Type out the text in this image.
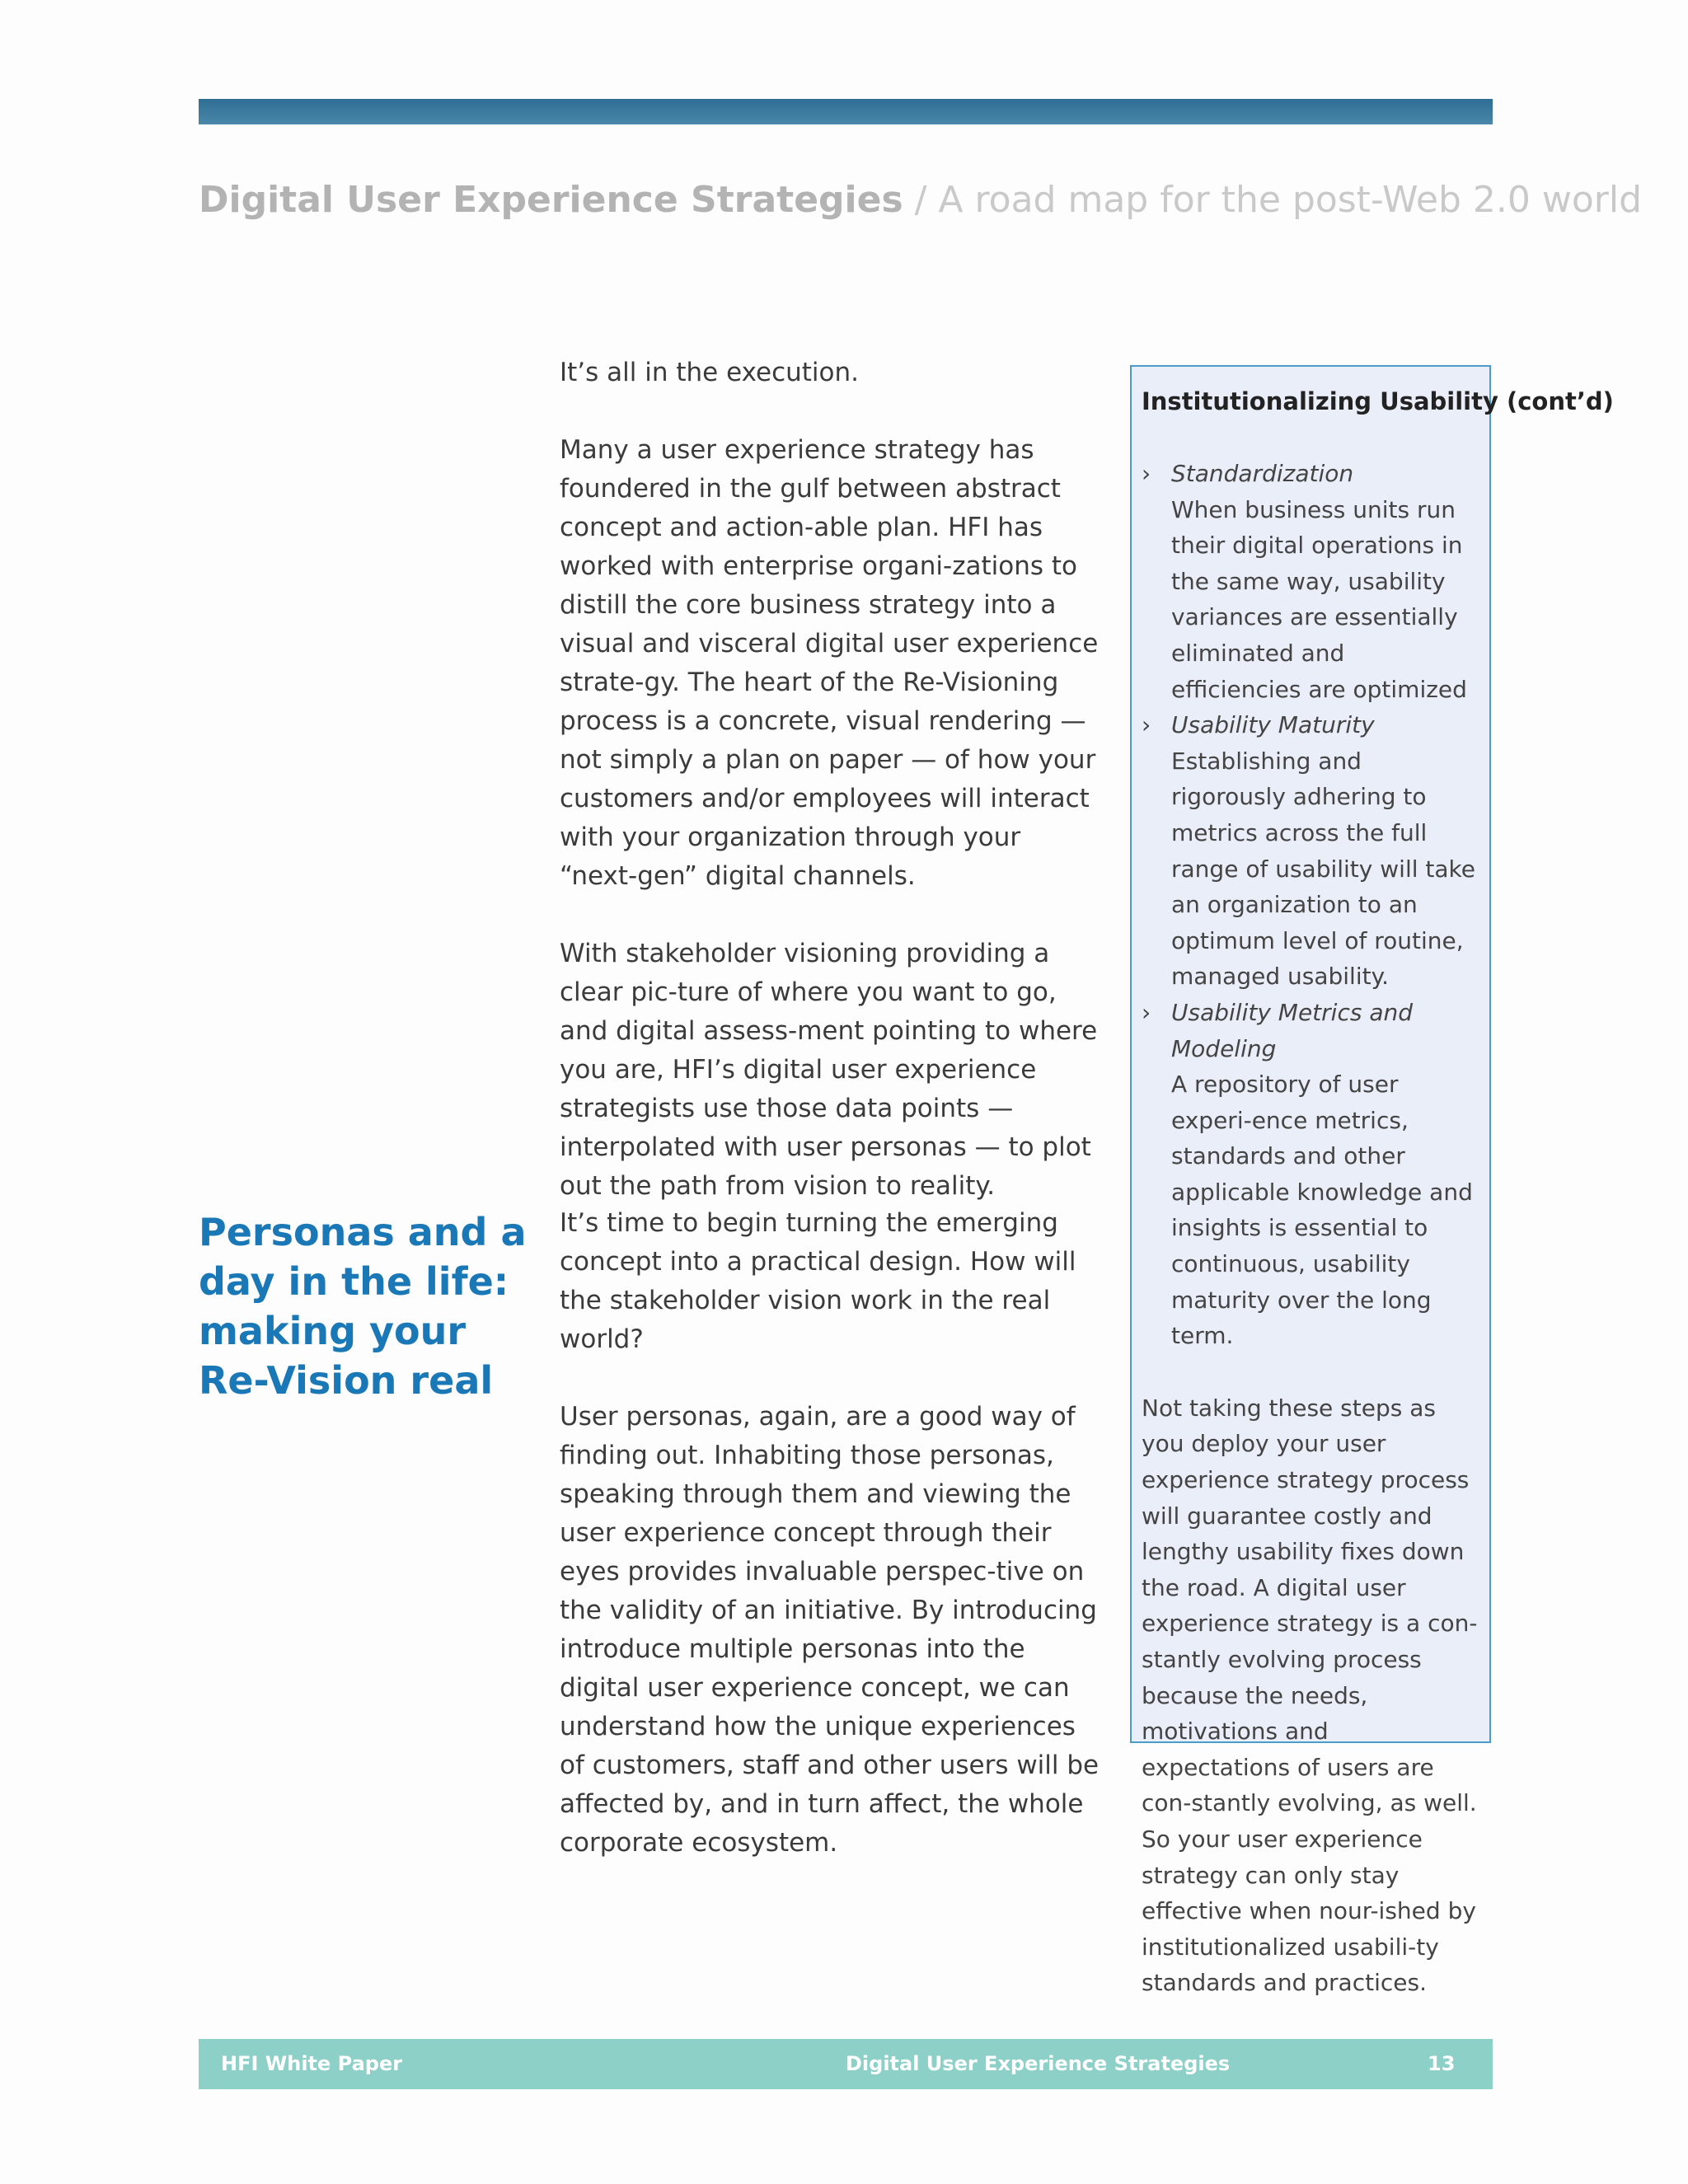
Digital User Experience Strategies / A road map for the post-Web 2.0 world

It’s all in the execution.

Many a user experience strategy has foundered in the gulf between abstract concept and action-able plan. HFI has worked with enterprise organi-zations to distill the core business strategy into a visual and visceral digital user experience strate-gy. The heart of the Re-Visioning process is a concrete, visual rendering — not simply a plan on paper — of how your customers and/or employees will interact with your organization through your “next-gen” digital channels.

With stakeholder visioning providing a clear pic-ture of where you want to go, and digital assess-ment pointing to where you are, HFI’s digital user experience strategists use those data points — interpolated with user personas — to plot out the path from vision to reality.

Personas and a day in the life: making your Re-Vision real

It’s time to begin turning the emerging concept into a practical design. How will the stakeholder vision work in the real world?

User personas, again, are a good way of finding out. Inhabiting those personas, speaking through them and viewing the user experience concept through their eyes provides invaluable perspec-tive on the validity of an initiative. By introducing introduce multiple personas into the digital user experience concept, we can understand how the unique experiences of customers, staff and other users will be affected by, and in turn affect, the whole corporate ecosystem.

Institutionalizing Usability (cont’d)
› Standardization
When business units run their digital operations in the same way, usability variances are essentially eliminated and efficiencies are optimized
› Usability Maturity
Establishing and rigorously adhering to metrics across the full range of usability will take an organization to an optimum level of routine, managed usability.
› Usability Metrics and Modeling
A repository of user experi-ence metrics, standards and other applicable knowledge and insights is essential to continuous, usability maturity over the long term.

Not taking these steps as you deploy your user experience strategy process will guarantee costly and lengthy usability fixes down the road. A digital user experience strategy is a con-stantly evolving process because the needs, motivations and expectations of users are con-stantly evolving, as well. So your user experience strategy can only stay effective when nour-ished by institutionalized usabili-ty standards and practices.

HFI White Paper	Digital User Experience Strategies	13
